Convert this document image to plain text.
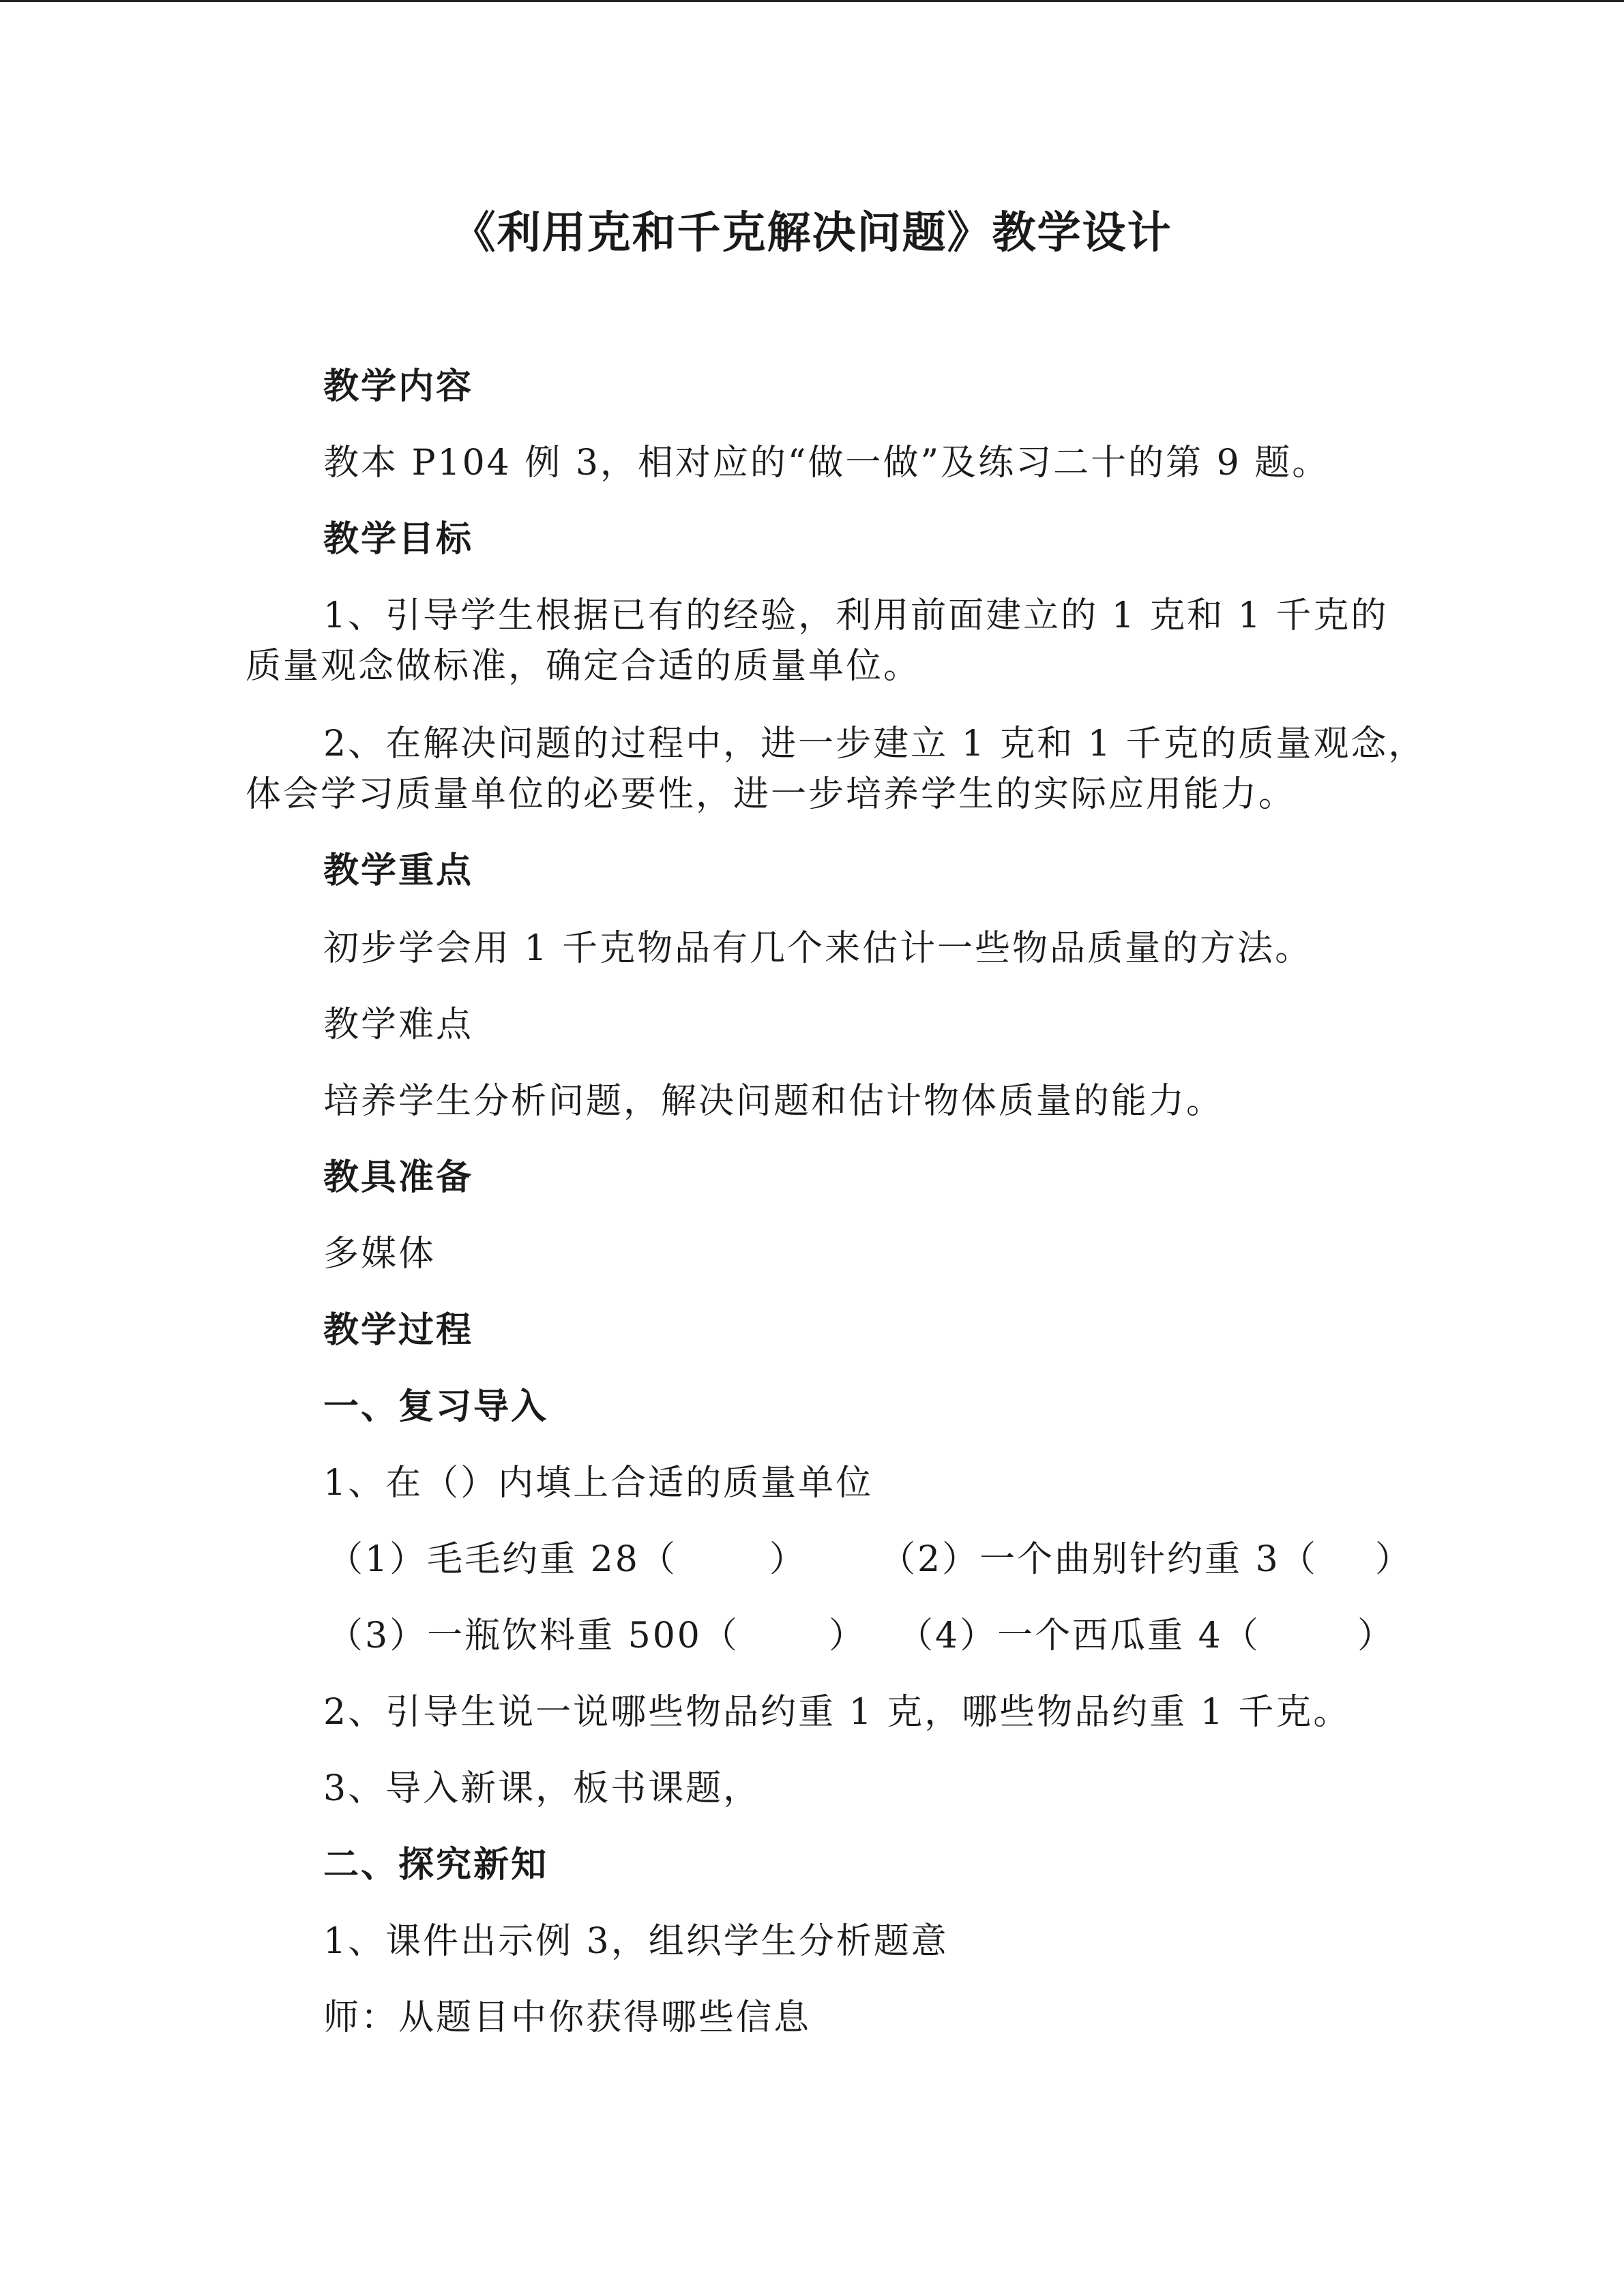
《利用克和千克解决问题》教学设计
教学内容
教本 P104 例 3，相对应的“做一做”及练习二十的第 9 题。
教学目标
1、引导学生根据已有的经验，利用前面建立的 1 克和 1 千克的
质量观念做标准，确定合适的质量单位。
2、在解决问题的过程中，进一步建立 1 克和 1 千克的质量观念，
体会学习质量单位的必要性，进一步培养学生的实际应用能力。
教学重点
初步学会用 1 千克物品有几个来估计一些物品质量的方法。
教学难点
培养学生分析问题，解决问题和估计物体质量的能力。
教具准备
多媒体
教学过程
一、复习导入
1、在（）内填上合适的质量单位
（1）毛毛约重 28（	） （2）一个曲别针约重 3（ ）
（3）一瓶饮料重 500（	） （4）一个西瓜重 4（	）
2、引导生说一说哪些物品约重 1 克，哪些物品约重 1 千克。
3、导入新课，板书课题，
二、探究新知
1、课件出示例 3，组织学生分析题意
师：从题目中你获得哪些信息
